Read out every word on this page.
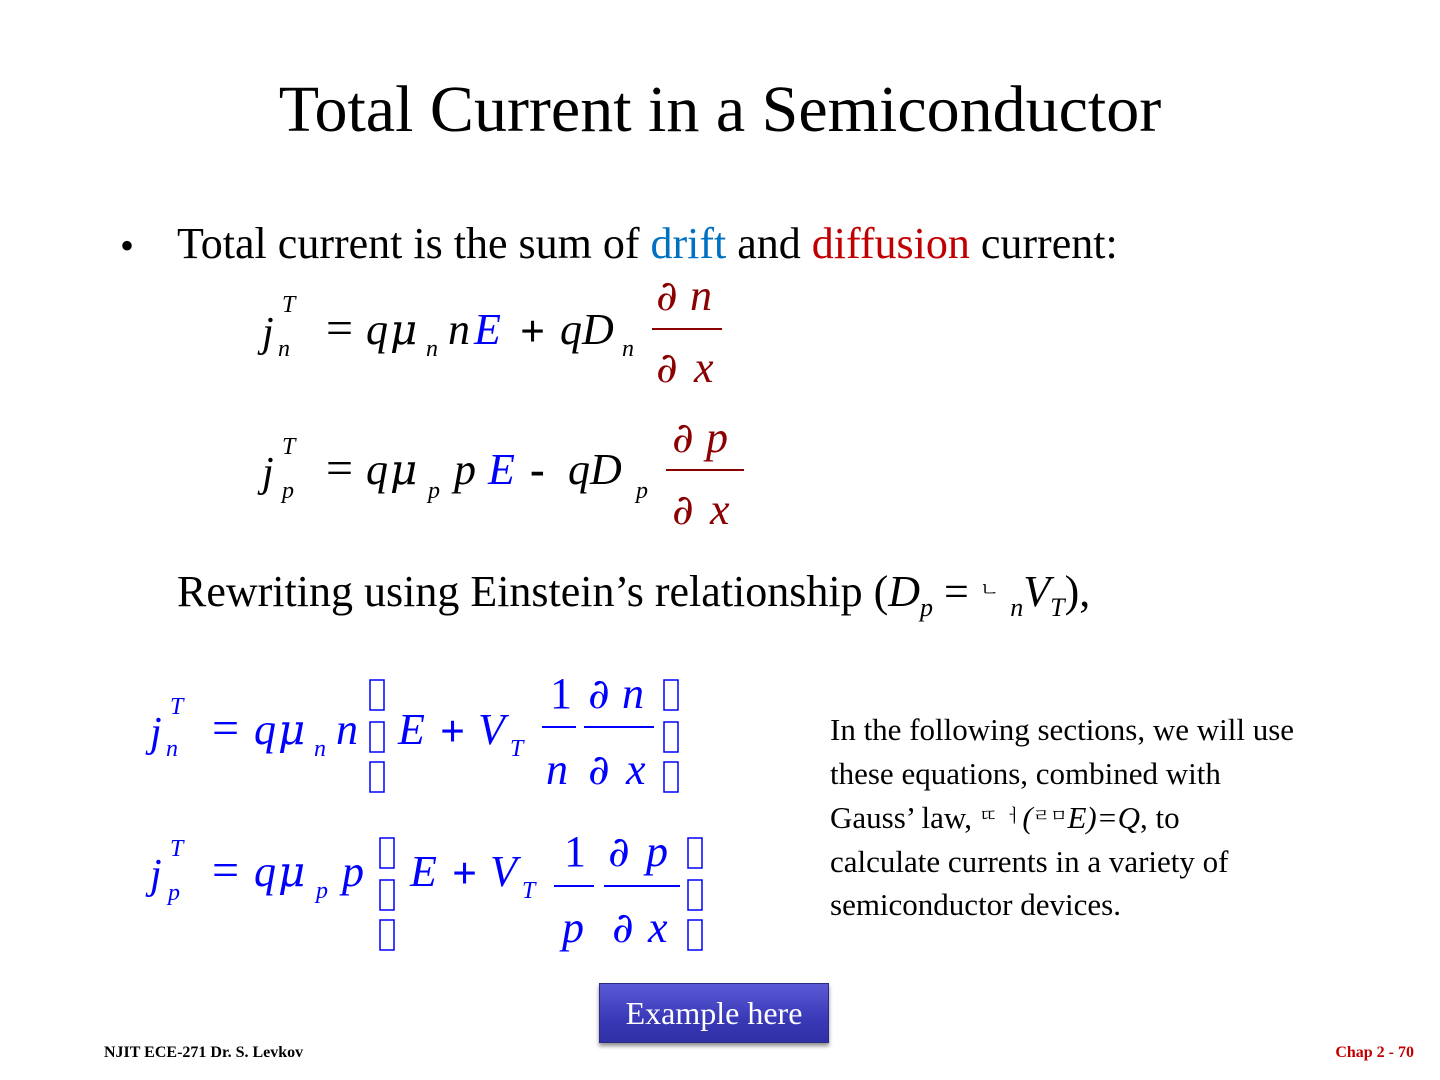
Total Current in a Semiconductor
• Total current is the sum of drift and diffusion current:
j
T
n = q μ n n E + qD n
∂ n
∂ x
j
T
p = q μ p p E - qD p
∂ p
∂ x
Rewriting using Einstein’s relationship ($D_p = ^ㄴ$ $_nV_T$),
j
T
n = q μ n n E + V T
1
n
∂ n
∂ x
j
T
p = q μ p p E + V T
1
p
∂ p
∂ x
In the following sections, we will use
these equations, combined with
Gauss’ law, ㄸ ㅓ(ㄹㅁE)=Q, to
calculate currents in a variety of
semiconductor devices.
Example here
NJIT ECE-271 Dr. S. Levkov	Chap 2 - 70
